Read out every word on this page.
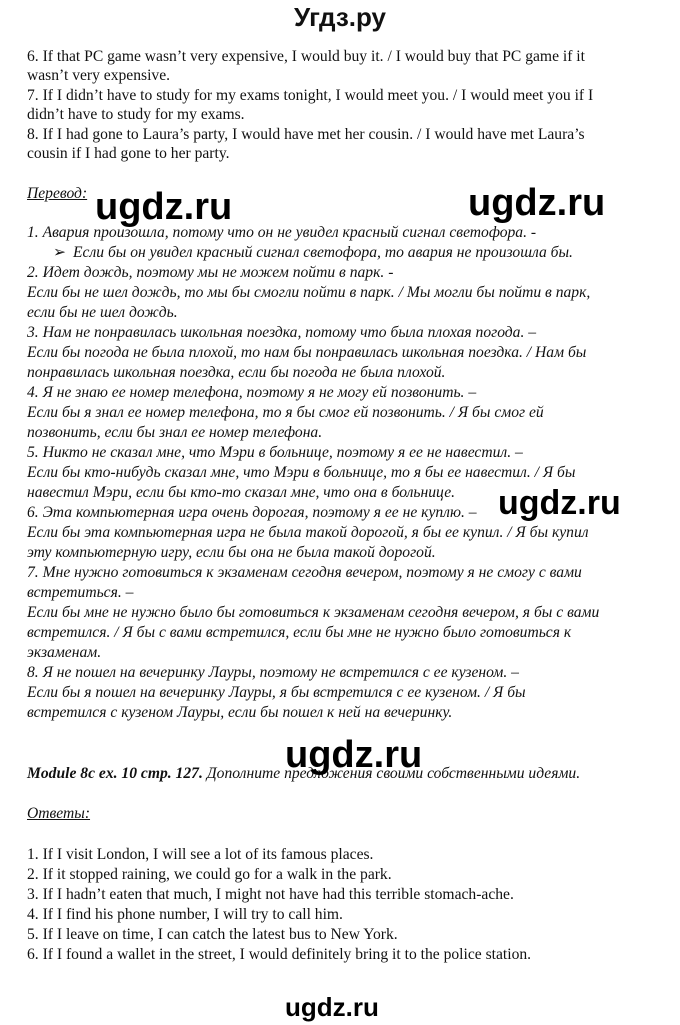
Угдз.ру
6. If that PC game wasn’t very expensive, I would buy it. / I would buy that PC game if it
wasn’t very expensive.
7. If I didn’t have to study for my exams tonight, I would meet you. / I would meet you if I
didn’t have to study for my exams.
8. If I had gone to Laura’s party, I would have met her cousin. / I would have met Laura’s
cousin if I had gone to her party.
Перевод:
1. Авария произошла, потому что он не увидел красный сигнал светофора. -
➢ Если бы он увидел красный сигнал светофора, то авария не произошла бы.
2. Идет дождь, поэтому мы не можем пойти в парк. -
Если бы не шел дождь, то мы бы смогли пойти в парк. / Мы могли бы пойти в парк,
если бы не шел дождь.
3. Нам не понравилась школьная поездка, потому что была плохая погода. –
Если бы погода не была плохой, то нам бы понравилась школьная поездка. / Нам бы
понравилась школьная поездка, если бы погода не была плохой.
4. Я не знаю ее номер телефона, поэтому я не могу ей позвонить. –
Если бы я знал ее номер телефона, то я бы смог ей позвонить. / Я бы смог ей
позвонить, если бы знал ее номер телефона.
5. Никто не сказал мне, что Мэри в больнице, поэтому я ее не навестил. –
Если бы кто-нибудь сказал мне, что Мэри в больнице, то я бы ее навестил. / Я бы
навестил Мэри, если бы кто-то сказал мне, что она в больнице.
6. Эта компьютерная игра очень дорогая, поэтому я ее не куплю. –
Если бы эта компьютерная игра не была такой дорогой, я бы ее купил. / Я бы купил
эту компьютерную игру, если бы она не была такой дорогой.
7. Мне нужно готовиться к экзаменам сегодня вечером, поэтому я не смогу с вами
встретиться. –
Если бы мне не нужно было бы готовиться к экзаменам сегодня вечером, я бы с вами
встретился. / Я бы с вами встретился, если бы мне не нужно было готовиться к
экзаменам.
8. Я не пошел на вечеринку Лауры, поэтому не встретился с ее кузеном. –
Если бы я пошел на вечеринку Лауры, я бы встретился с ее кузеном. / Я бы
встретился с кузеном Лауры, если бы пошел к ней на вечеринку.
Module 8c ex. 10 стр. 127. Дополните предложения своими собственными идеями.
Ответы:
1. If I visit London, I will see a lot of its famous places.
2. If it stopped raining, we could go for a walk in the park.
3. If I hadn’t eaten that much, I might not have had this terrible stomach-ache.
4. If I find his phone number, I will try to call him.
5. If I leave on time, I can catch the latest bus to New York.
6. If I found a wallet in the street, I would definitely bring it to the police station.
ugdz.ru	ugdz.ru
ugdz.ru
ugdz.ru
ugdz.ru
